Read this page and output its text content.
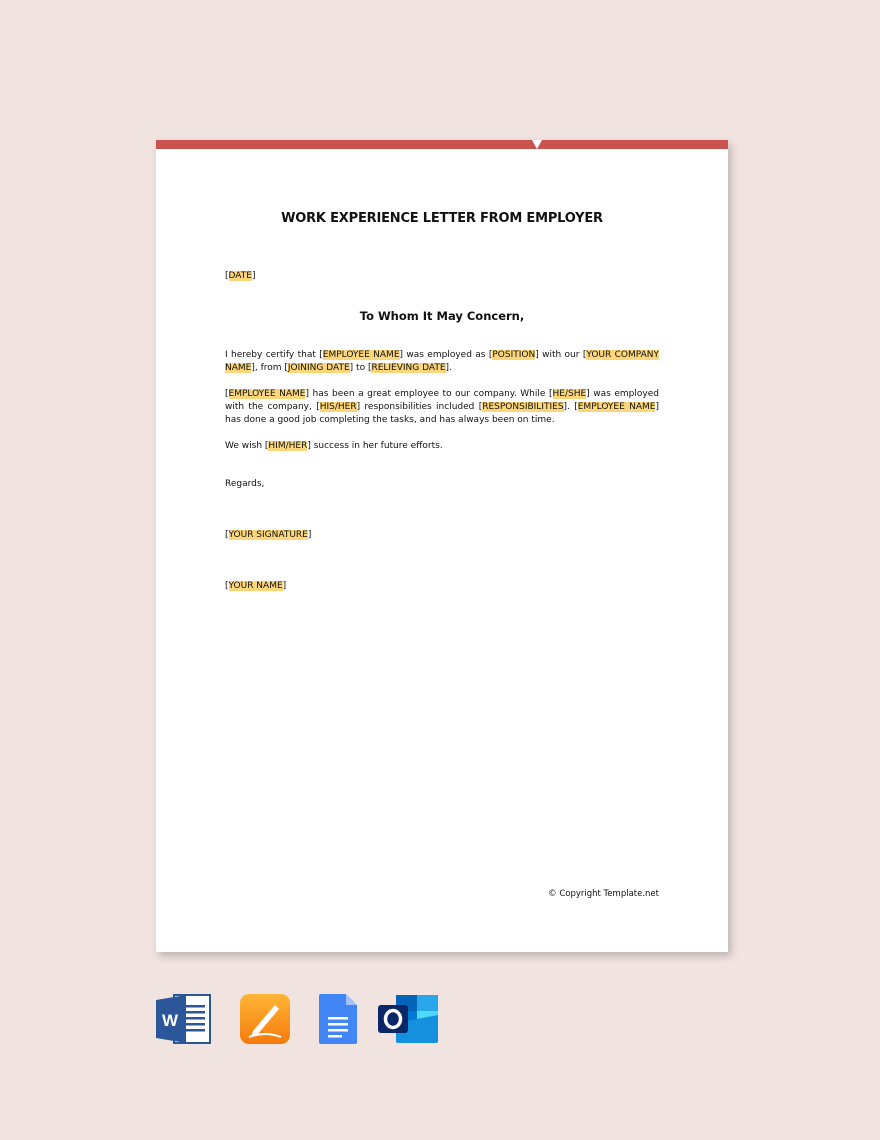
WORK EXPERIENCE LETTER FROM EMPLOYER
[DATE]
To Whom It May Concern,
I hereby certify that [EMPLOYEE NAME] was employed as [POSITION] with our [YOUR COMPANY NAME], from [JOINING DATE] to [RELIEVING DATE].
[EMPLOYEE NAME] has been a great employee to our company. While [HE/SHE] was employed with the company, [HIS/HER] responsibilities included [RESPONSIBILITIES]. [EMPLOYEE NAME] has done a good job completing the tasks, and has always been on time.
We wish [HIM/HER] success in her future efforts.
Regards,
[YOUR SIGNATURE]
[YOUR NAME]
© Copyright Template.net
W
